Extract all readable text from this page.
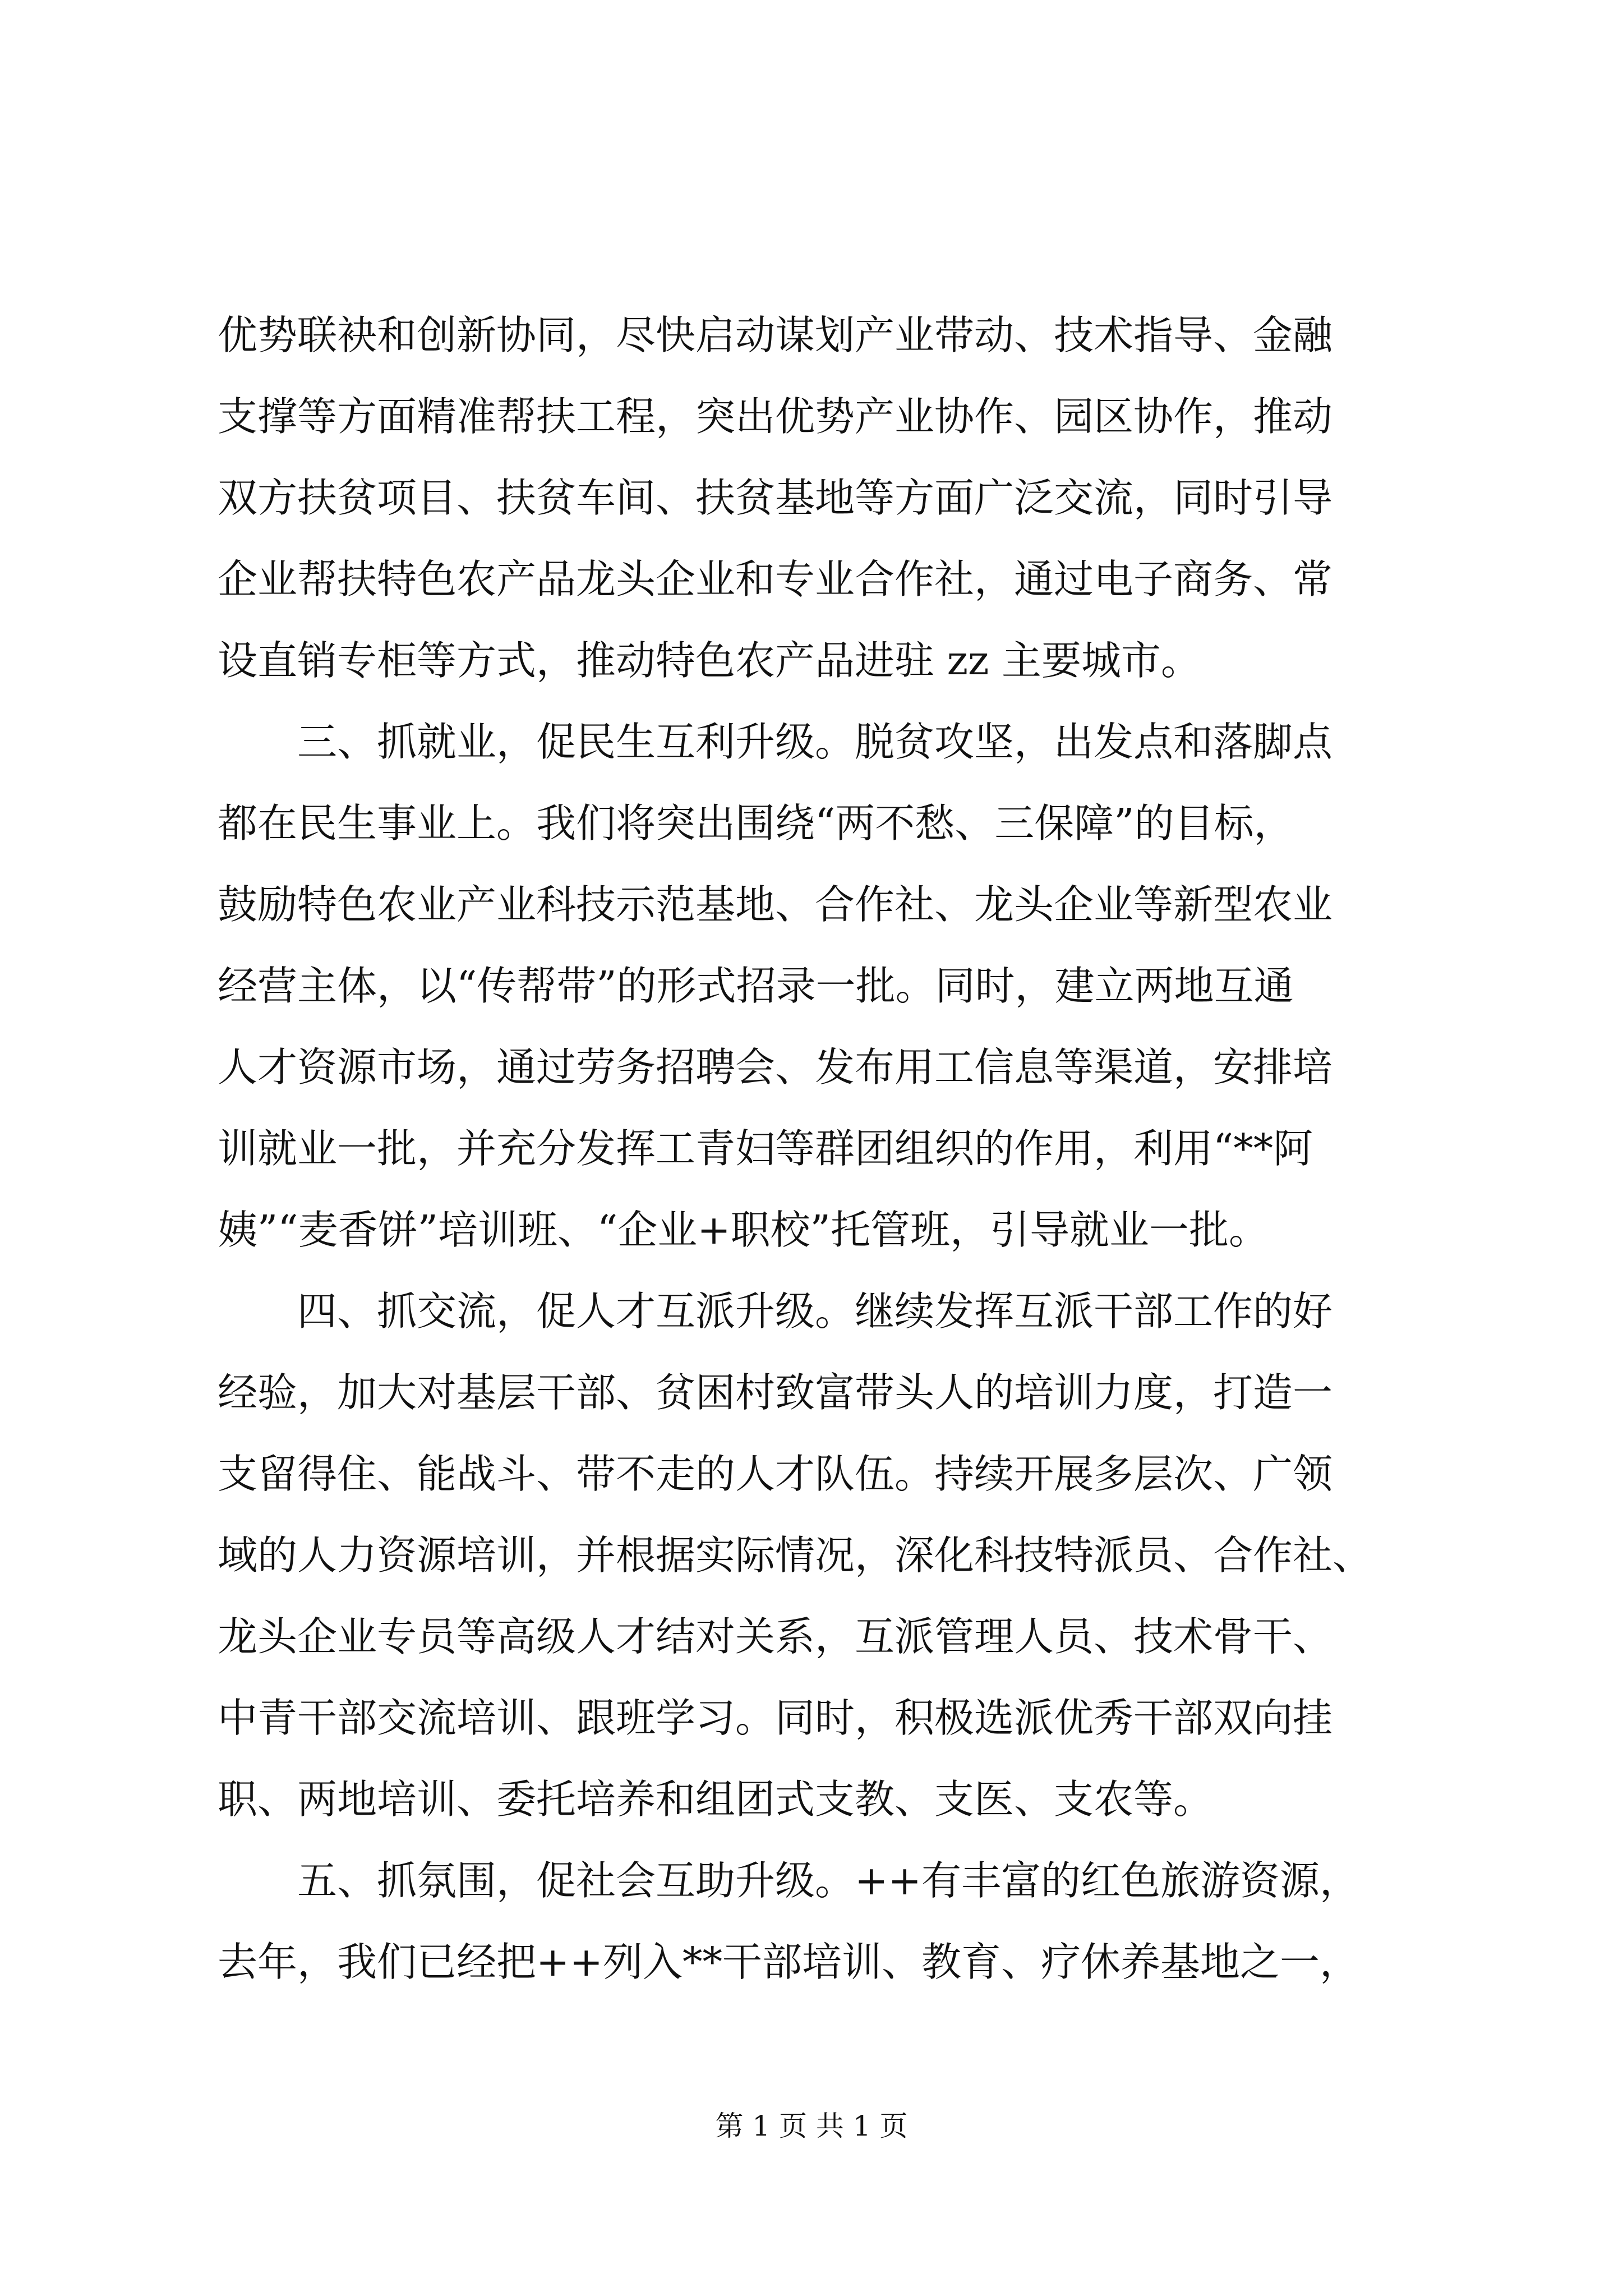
优势联袂和创新协同，尽快启动谋划产业带动、技术指导、金融
支撑等方面精准帮扶工程，突出优势产业协作、园区协作，推动
双方扶贫项目、扶贫车间、扶贫基地等方面广泛交流，同时引导
企业帮扶特色农产品龙头企业和专业合作社，通过电子商务、常
设直销专柜等方式，推动特色农产品进驻 zz 主要城市。
三、抓就业，促民生互利升级。脱贫攻坚，出发点和落脚点
都在民生事业上。我们将突出围绕“两不愁、三保障”的目标，
鼓励特色农业产业科技示范基地、合作社、龙头企业等新型农业
经营主体，以“传帮带”的形式招录一批。同时，建立两地互通
人才资源市场，通过劳务招聘会、发布用工信息等渠道，安排培
训就业一批，并充分发挥工青妇等群团组织的作用，利用“**阿
姨”“麦香饼”培训班、“企业+职校”托管班，引导就业一批。
四、抓交流，促人才互派升级。继续发挥互派干部工作的好
经验，加大对基层干部、贫困村致富带头人的培训力度，打造一
支留得住、能战斗、带不走的人才队伍。持续开展多层次、广领
域的人力资源培训，并根据实际情况，深化科技特派员、合作社、
龙头企业专员等高级人才结对关系，互派管理人员、技术骨干、
中青干部交流培训、跟班学习。同时，积极选派优秀干部双向挂
职、两地培训、委托培养和组团式支教、支医、支农等。
五、抓氛围，促社会互助升级。++有丰富的红色旅游资源，
去年，我们已经把++列入**干部培训、教育、疗休养基地之一，
第 1 页 共 1 页
